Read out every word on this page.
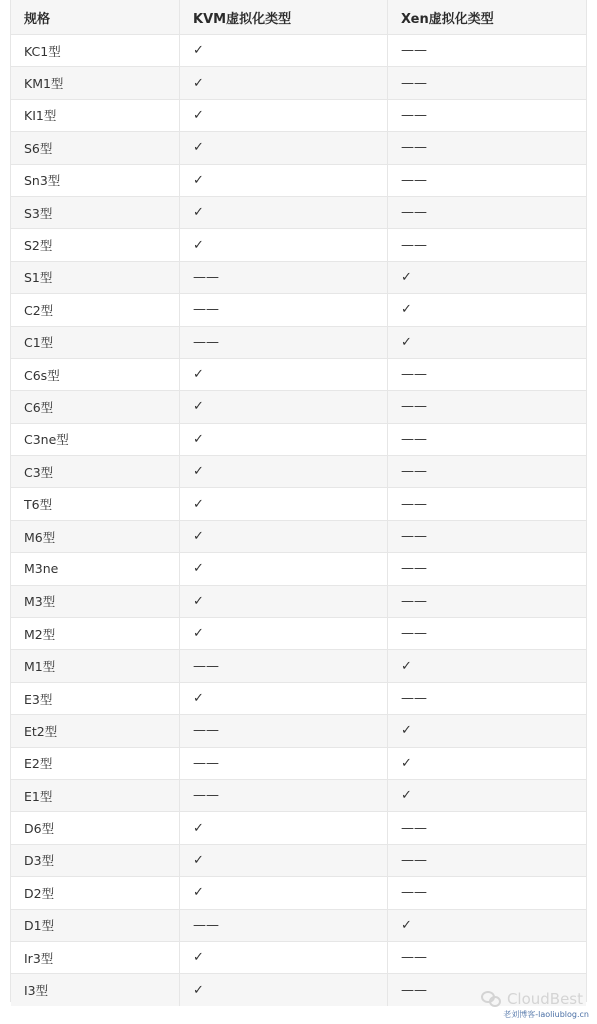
规格	KVM虚拟化类型	Xen虚拟化类型
KC1型	✓	——
KM1型	✓	——
KI1型	✓	——
S6型	✓	——
Sn3型	✓	——
S3型	✓	——
S2型	✓	——
S1型	——	✓
C2型	——	✓
C1型	——	✓
C6s型	✓	——
C6型	✓	——
C3ne型	✓	——
C3型	✓	——
T6型	✓	——
M6型	✓	——
M3ne	✓	——
M3型	✓	——
M2型	✓	——
M1型	——	✓
E3型	✓	——
Et2型	——	✓
E2型	——	✓
E1型	——	✓
D6型	✓	——
D3型	✓	——
D2型	✓	——
D1型	——	✓
Ir3型	✓	——
I3型	✓	——	CloudBest
老刘博客-laoliublog.cn
